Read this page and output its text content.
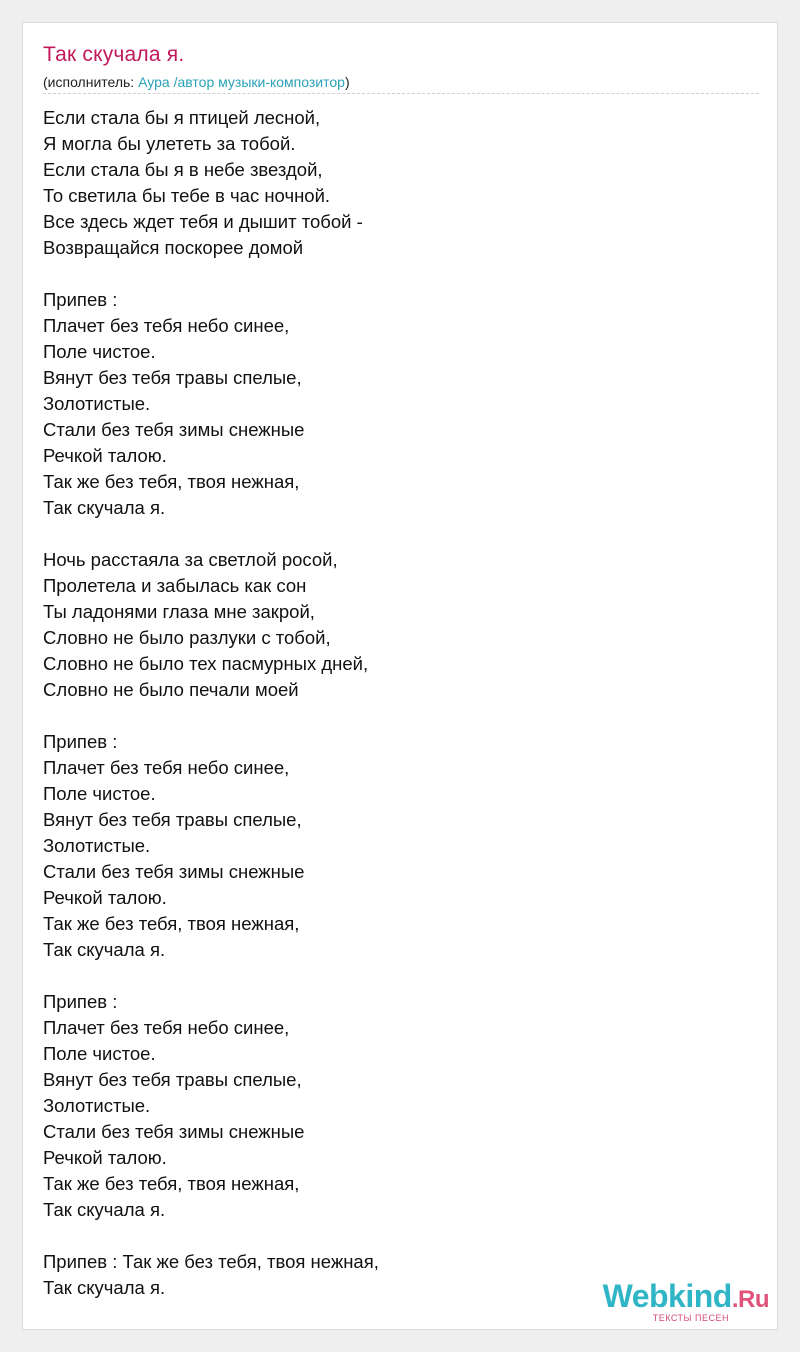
Так скучала я.
(исполнитель: Аура /автор музыки-композитор)
Если стала бы я птицей лесной,
Я могла бы улететь за тобой.
Если стала бы я в небе звездой,
То светила бы тебе в час ночной.
Все здесь ждет тебя и дышит тобой -
Возвращайся поскорее домой
Припев :
Плачет без тебя небо синее,
Поле чистое.
Вянут без тебя травы спелые,
Золотистые.
Стали без тебя зимы снежные
Речкой талою.
Так же без тебя, твоя нежная,
Так скучала я.
Ночь расстаяла за светлой росой,
Пролетела и забылась как сон
Ты ладонями глаза мне закрой,
Словно не было разлуки с тобой,
Словно не было тех пасмурных дней,
Словно не было печали моей
Припев :
Плачет без тебя небо синее,
Поле чистое.
Вянут без тебя травы спелые,
Золотистые.
Стали без тебя зимы снежные
Речкой талою.
Так же без тебя, твоя нежная,
Так скучала я.
Припев :
Плачет без тебя небо синее,
Поле чистое.
Вянут без тебя травы спелые,
Золотистые.
Стали без тебя зимы снежные
Речкой талою.
Так же без тебя, твоя нежная,
Так скучала я.
Припев : Так же без тебя, твоя нежная,
Так скучала я.	Webkind.Ru
ТЕКСТЫ ПЕСЕН
